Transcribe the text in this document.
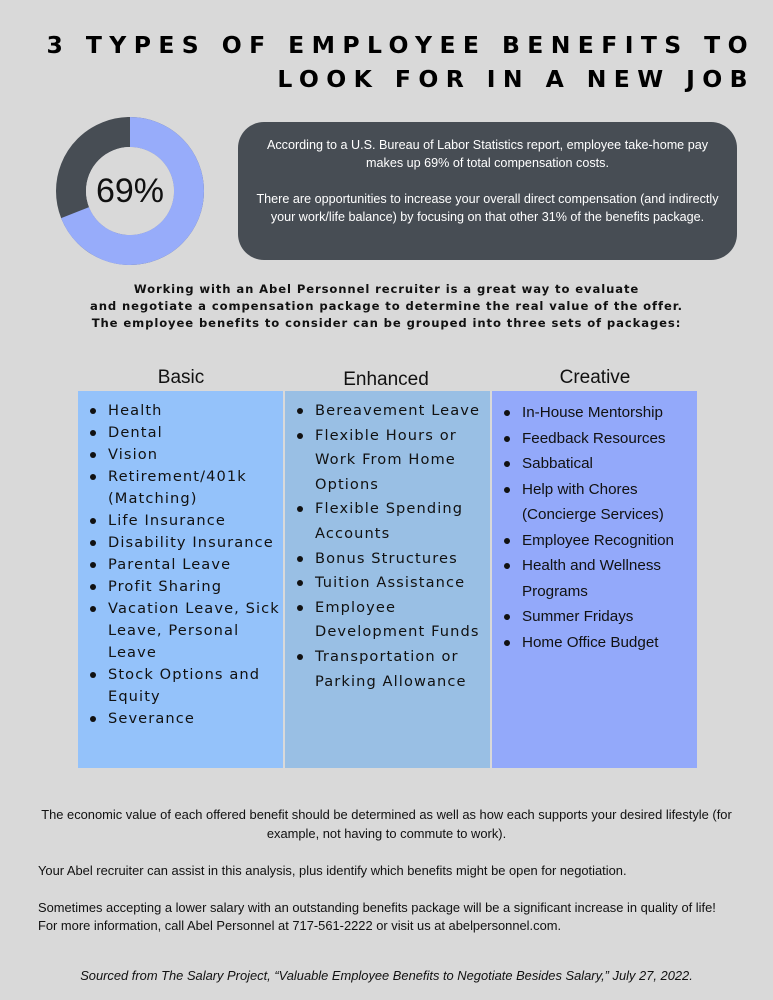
3 TYPES OF EMPLOYEE BENEFITS TO
LOOK FOR IN A NEW JOB
69%

According to a U.S. Bureau of Labor Statistics report, employee take-home pay makes up 69% of total compensation costs.

There are opportunities to increase your overall direct compensation (and indirectly your work/life balance) by focusing on that other 31% of the benefits package.

Working with an Abel Personnel recruiter is a great way to evaluate
and negotiate a compensation package to determine the real value of the offer.
The employee benefits to consider can be grouped into three sets of packages:
Basic	Enhanced	Creative
Health
Dental
Vision
Retirement/401k (Matching)
Life Insurance
Disability Insurance
Parental Leave
Profit Sharing
Vacation Leave, Sick Leave, Personal Leave
Stock Options and Equity
Severance
Bereavement Leave
Flexible Hours or Work From Home Options
Flexible Spending Accounts
Bonus Structures
Tuition Assistance
Employee Development Funds
Transportation or Parking Allowance
In-House Mentorship
Feedback Resources
Sabbatical
Help with Chores (Concierge Services)
Employee Recognition
Health and Wellness Programs
Summer Fridays
Home Office Budget

The economic value of each offered benefit should be determined as well as how each supports your desired lifestyle (for example, not having to commute to work).

Your Abel recruiter can assist in this analysis, plus identify which benefits might be open for negotiation.

Sometimes accepting a lower salary with an outstanding benefits package will be a significant increase in quality of life! For more information, call Abel Personnel at 717-561-2222 or visit us at abelpersonnel.com.

Sourced from The Salary Project, “Valuable Employee Benefits to Negotiate Besides Salary,” July 27, 2022.
